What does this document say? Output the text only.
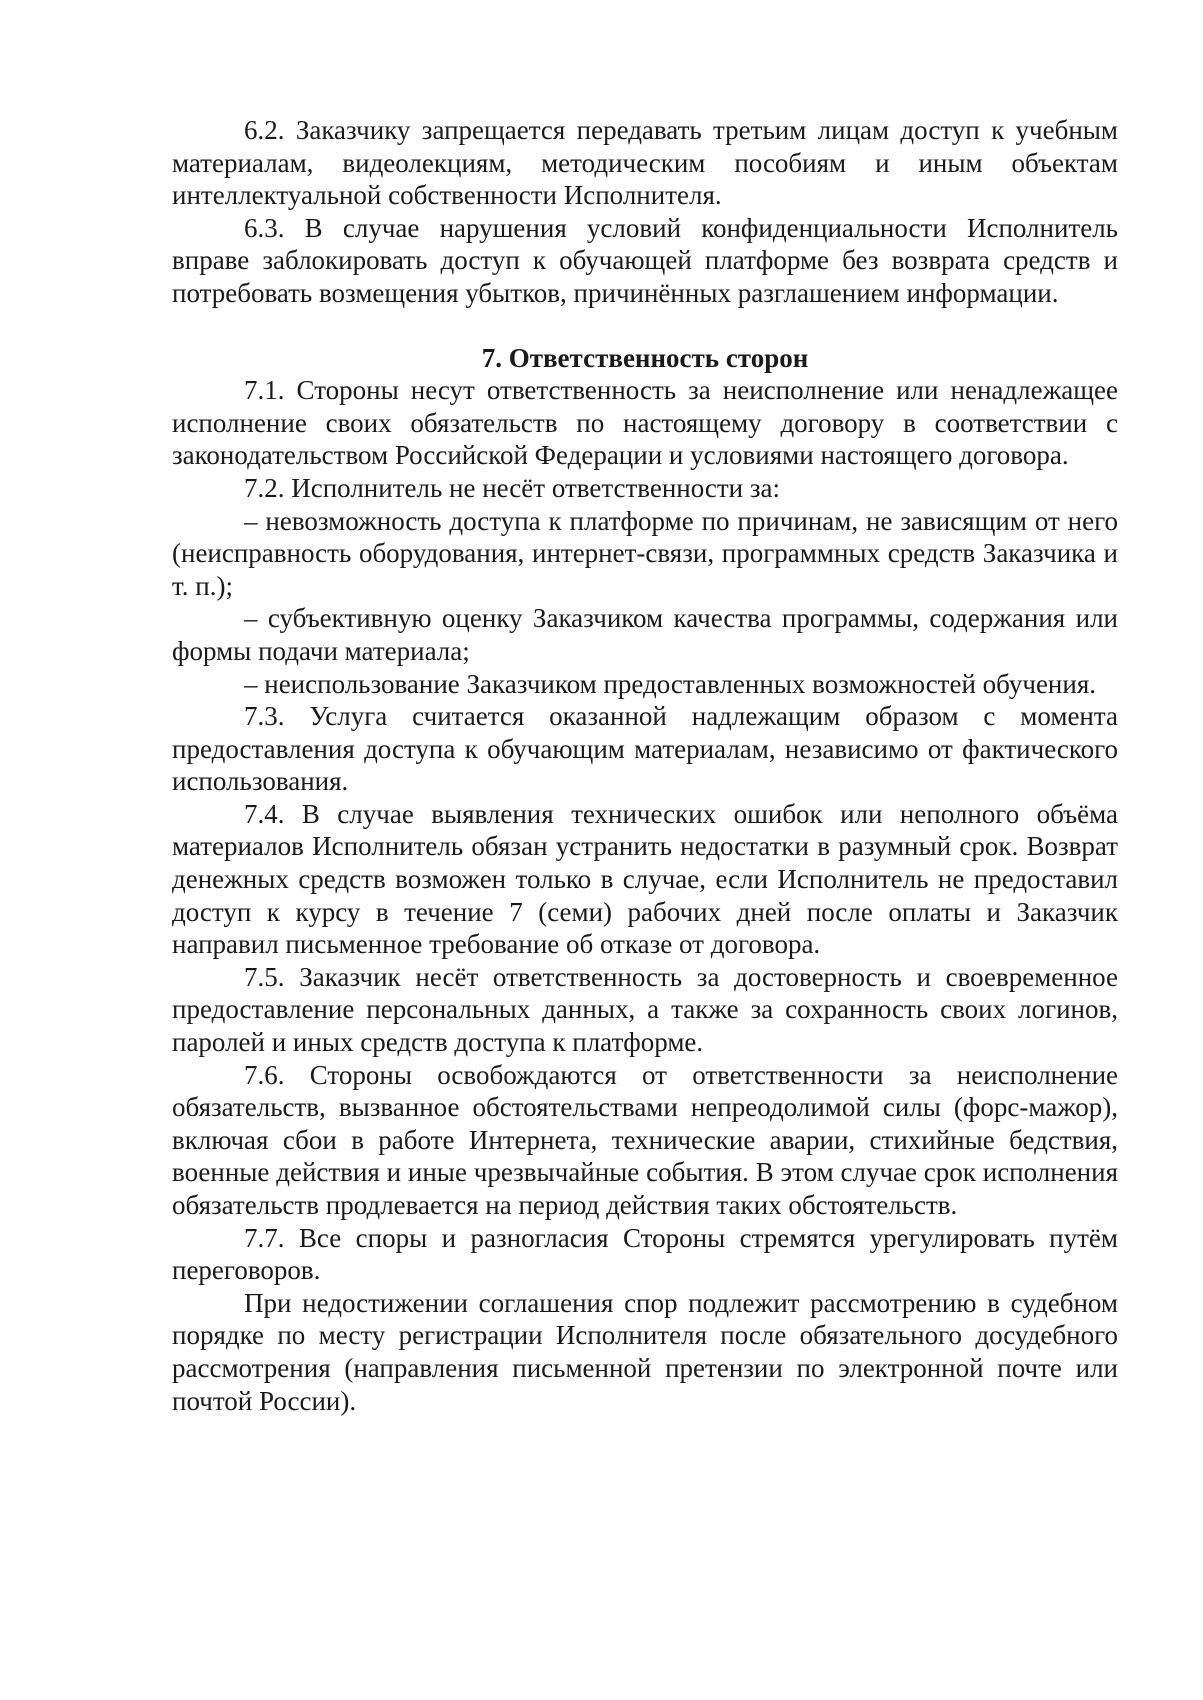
6.2. Заказчику запрещается передавать третьим лицам доступ к учебным материалам, видеолекциям, методическим пособиям и иным объектам интеллектуальной собственности Исполнителя.

6.3. В случае нарушения условий конфиденциальности Исполнитель вправе заблокировать доступ к обучающей платформе без возврата средств и потребовать возмещения убытков, причинённых разглашением информации.

7. Ответственность сторон

7.1. Стороны несут ответственность за неисполнение или ненадлежащее исполнение своих обязательств по настоящему договору в соответствии с законодательством Российской Федерации и условиями настоящего договора.

7.2. Исполнитель не несёт ответственности за:

– невозможность доступа к платформе по причинам, не зависящим от него (неисправность оборудования, интернет-связи, программных средств Заказчика и т. п.);

– субъективную оценку Заказчиком качества программы, содержания или формы подачи материала;

– неиспользование Заказчиком предоставленных возможностей обучения.

7.3. Услуга считается оказанной надлежащим образом с момента предоставления доступа к обучающим материалам, независимо от фактического использования.

7.4. В случае выявления технических ошибок или неполного объёма материалов Исполнитель обязан устранить недостатки в разумный срок. Возврат денежных средств возможен только в случае, если Исполнитель не предоставил доступ к курсу в течение 7 (семи) рабочих дней после оплаты и Заказчик направил письменное требование об отказе от договора.

7.5. Заказчик несёт ответственность за достоверность и своевременное предоставление персональных данных, а также за сохранность своих логинов, паролей и иных средств доступа к платформе.

7.6. Стороны освобождаются от ответственности за неисполнение обязательств, вызванное обстоятельствами непреодолимой силы (форс-мажор), включая сбои в работе Интернета, технические аварии, стихийные бедствия, военные действия и иные чрезвычайные события. В этом случае срок исполнения обязательств продлевается на период действия таких обстоятельств.

7.7. Все споры и разногласия Стороны стремятся урегулировать путём переговоров.

При недостижении соглашения спор подлежит рассмотрению в судебном порядке по месту регистрации Исполнителя после обязательного досудебного рассмотрения (направления письменной претензии по электронной почте или почтой России).
